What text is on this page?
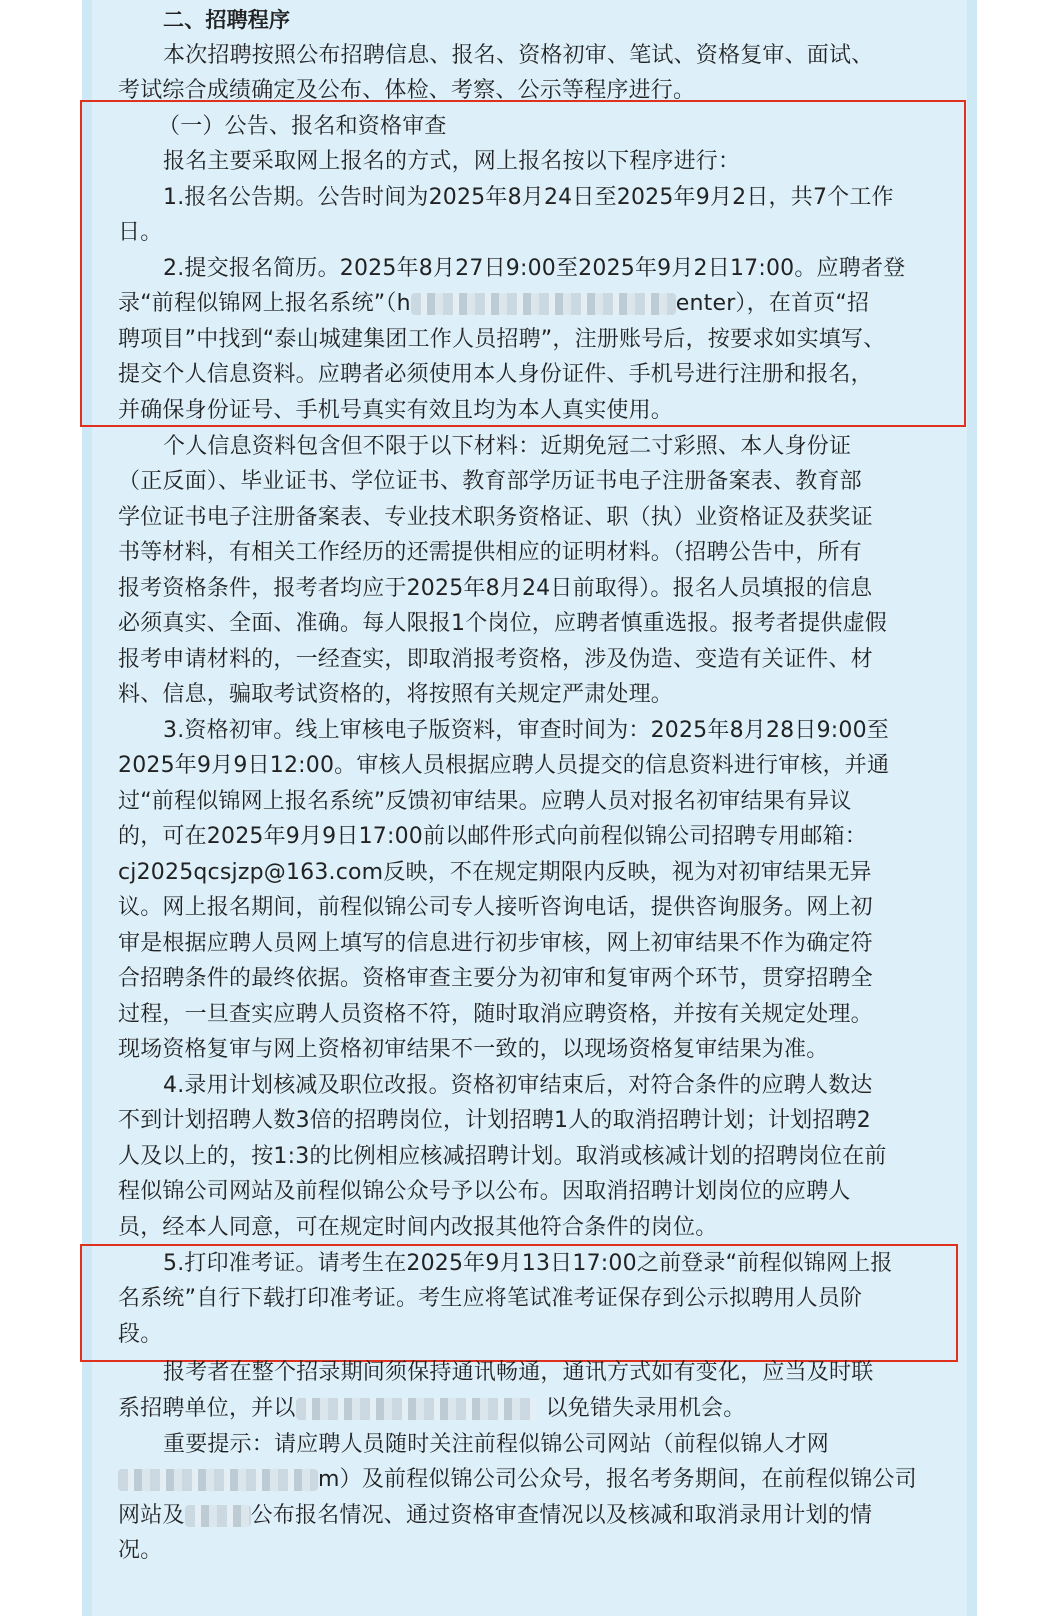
二、招聘程序
本次招聘按照公布招聘信息、报名、资格初审、笔试、资格复审、面试、
考试综合成绩确定及公布、体检、考察、公示等程序进行。
（一）公告、报名和资格审查
报名主要采取网上报名的方式，网上报名按以下程序进行：
1.报名公告期。公告时间为2025年8月24日至2025年9月2日，共7个工作
日。
2.提交报名简历。2025年8月27日9:00至2025年9月2日17:00。应聘者登
录“前程似锦网上报名系统”（h	enter），在首页“招
聘项目”中找到“泰山城建集团工作人员招聘”，注册账号后，按要求如实填写、
提交个人信息资料。应聘者必须使用本人身份证件、手机号进行注册和报名，
并确保身份证号、手机号真实有效且均为本人真实使用。
个人信息资料包含但不限于以下材料：近期免冠二寸彩照、本人身份证
（正反面）、毕业证书、学位证书、教育部学历证书电子注册备案表、教育部
学位证书电子注册备案表、专业技术职务资格证、职（执）业资格证及获奖证
书等材料，有相关工作经历的还需提供相应的证明材料。（招聘公告中，所有
报考资格条件，报考者均应于2025年8月24日前取得）。报名人员填报的信息
必须真实、全面、准确。每人限报1个岗位，应聘者慎重选报。报考者提供虚假
报考申请材料的，一经查实，即取消报考资格，涉及伪造、变造有关证件、材
料、信息，骗取考试资格的，将按照有关规定严肃处理。
3.资格初审。线上审核电子版资料，审查时间为：2025年8月28日9:00至
2025年9月9日12:00。审核人员根据应聘人员提交的信息资料进行审核，并通
过“前程似锦网上报名系统”反馈初审结果。应聘人员对报名初审结果有异议
的，可在2025年9月9日17:00前以邮件形式向前程似锦公司招聘专用邮箱：
cj2025qcsjzp@163.com反映，不在规定期限内反映，视为对初审结果无异
议。网上报名期间，前程似锦公司专人接听咨询电话，提供咨询服务。网上初
审是根据应聘人员网上填写的信息进行初步审核，网上初审结果不作为确定符
合招聘条件的最终依据。资格审查主要分为初审和复审两个环节，贯穿招聘全
过程，一旦查实应聘人员资格不符，随时取消应聘资格，并按有关规定处理。
现场资格复审与网上资格初审结果不一致的，以现场资格复审结果为准。
4.录用计划核减及职位改报。资格初审结束后，对符合条件的应聘人数达
不到计划招聘人数3倍的招聘岗位，计划招聘1人的取消招聘计划；计划招聘2
人及以上的，按1:3的比例相应核减招聘计划。取消或核减计划的招聘岗位在前
程似锦公司网站及前程似锦公众号予以公布。因取消招聘计划岗位的应聘人
员，经本人同意，可在规定时间内改报其他符合条件的岗位。
5.打印准考证。请考生在2025年9月13日17:00之前登录“前程似锦网上报
名系统”自行下载打印准考证。考生应将笔试准考证保存到公示拟聘用人员阶
段。
报考者在整个招录期间须保持通讯畅通，通讯方式如有变化，应当及时联
系招聘单位，并以	以免错失录用机会。
重要提示：请应聘人员随时关注前程似锦公司网站（前程似锦人才网
m）及前程似锦公司公众号，报名考务期间，在前程似锦公司
网站及	公布报名情况、通过资格审查情况以及核减和取消录用计划的情
况。
